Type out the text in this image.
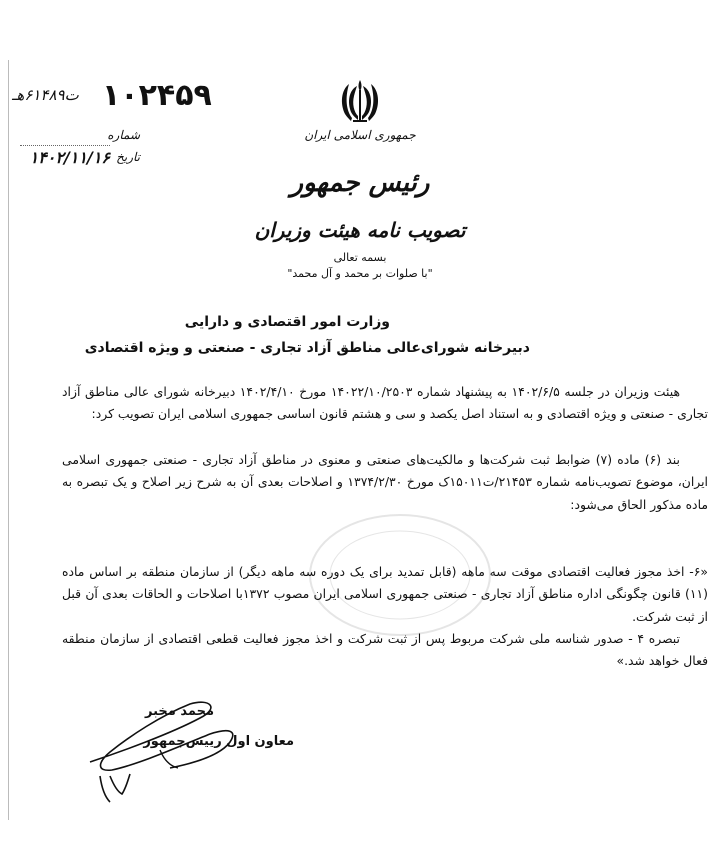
ت۶۱۴۸۹هـ ۱۰۲۴۵۹
شماره
تاریخ
۱۴۰۲/۱۱/۱۶
جمهوری اسلامی ایران
رئیس جمهور
تصویب نامه هیئت وزیران
بسمه تعالی
"با صلوات بر محمد و آل محمد"
وزارت امور اقتصادی و دارایی
دبیرخانه شورای‌عالی مناطق آزاد تجاری - صنعتی و ویژه اقتصادی

هیئت وزیران در جلسه ۱۴۰۲/۶/۵ به پیشنهاد شماره ۱۴۰۲۲/۱۰/۲۵۰۳ مورخ ۱۴۰۲/۴/۱۰ دبیرخانه شورای عالی مناطق آزاد تجاری - صنعتی و ویژه اقتصادی و به استناد اصل یکصد و سی و هشتم قانون اساسی جمهوری اسلامی ایران تصویب کرد:

بند (۶) ماده (۷) ضوابط ثبت شرکت‌ها و مالکیت‌های صنعتی و معنوی در مناطق آزاد تجاری - صنعتی جمهوری اسلامی ایران، موضوع تصویب‌نامه شماره ۲۱۴۵۳/ت۱۵۰۱۱ک مورخ ۱۳۷۴/۲/۳۰ و اصلاحات بعدی آن به شرح زیر اصلاح و یک تبصره به ماده مذکور الحاق می‌شود:

«۶- اخذ مجوز فعالیت اقتصادی موقت سه ماهه (قابل تمدید برای یک دوره سه ماهه دیگر) از سازمان منطقه بر اساس ماده (۱۱) قانون چگونگی اداره مناطق آزاد تجاری - صنعتی جمهوری اسلامی ایران مصوب ۱۳۷۲با اصلاحات و الحاقات بعدی آن قبل از ثبت شرکت.

تبصره ۴ - صدور شناسه ملی شرکت مربوط پس از ثبت شرکت و اخذ مجوز فعالیت قطعی اقتصادی از سازمان منطقه فعال خواهد شد.»

محمد مخبر
معاون اول رییس‌جمهور
